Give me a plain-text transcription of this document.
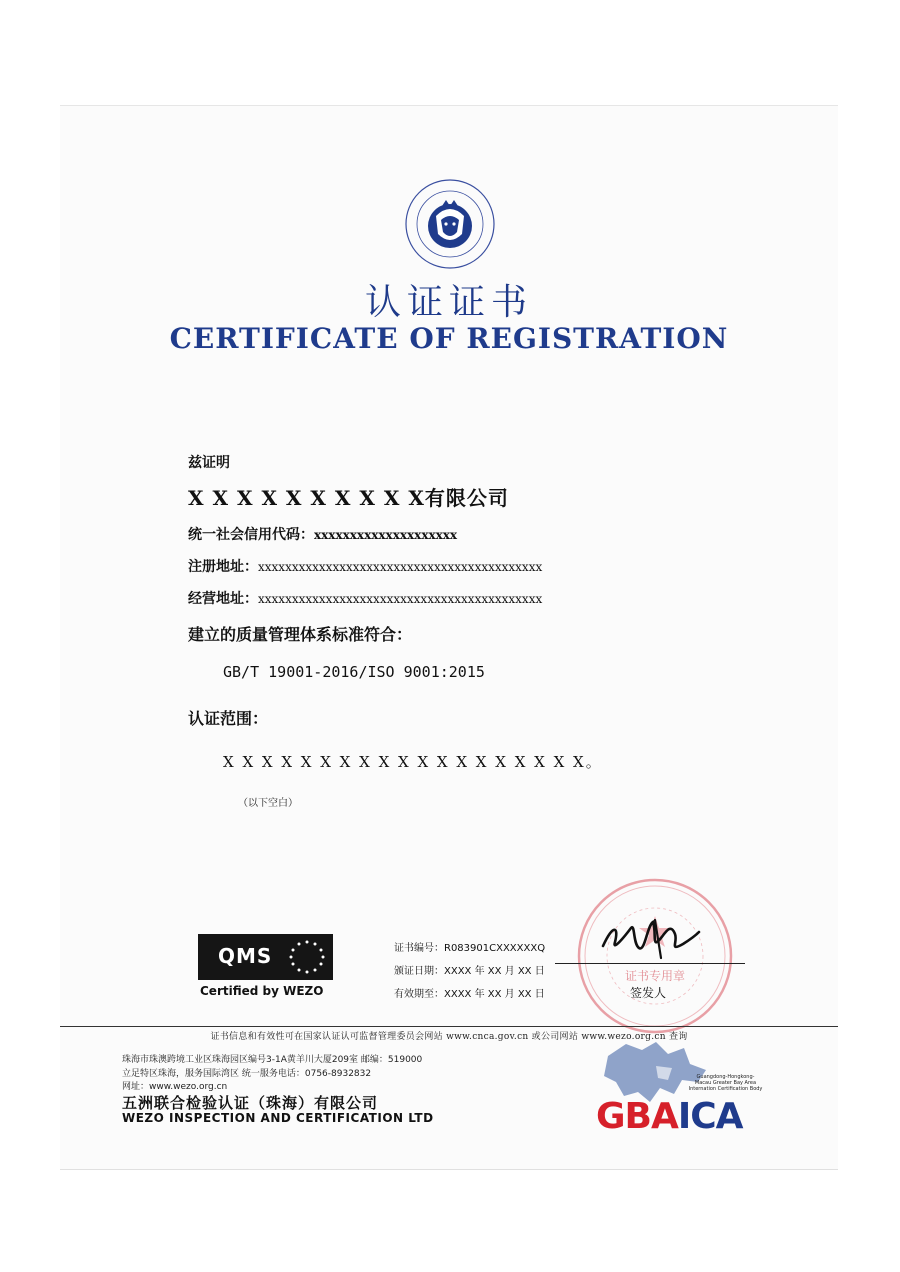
认证证书
CERTIFICATE OF REGISTRATION
兹证明
X X X X X X X X X X有限公司
统一社会信用代码：xxxxxxxxxxxxxxxxxxxx
注册地址：xxxxxxxxxxxxxxxxxxxxxxxxxxxxxxxxxxxxxxxxxx
经营地址：xxxxxxxxxxxxxxxxxxxxxxxxxxxxxxxxxxxxxxxxxx
建立的质量管理体系标准符合：
GB/T 19001-2016/ISO 9001:2015
认证范围：
X X X X X X X X X X X X X X X X X X X。
（以下空白）
QMS
Certified by WEZO
证书编号：R083901CXXXXXXQ
颁证日期：XXXX 年 XX 月 XX 日
有效期至：XXXX 年 XX 月 XX 日
证书专用章
签发人
证书信息和有效性可在国家认证认可监督管理委员会网站 www.cnca.gov.cn 或公司网站 www.wezo.org.cn 查询
珠海市珠澳跨境工业区珠海园区编号3-1A黄羊川大厦209室 邮编：519000
立足特区珠海，服务国际湾区 统一服务电话：0756-8932832
网址：www.wezo.org.cn
五洲联合检验认证（珠海）有限公司
WEZO INSPECTION AND CERTIFICATION LTD
Guangdong-Hongkong-
Macau Greater Bay Area
Internation Certification Body
GBAICA
